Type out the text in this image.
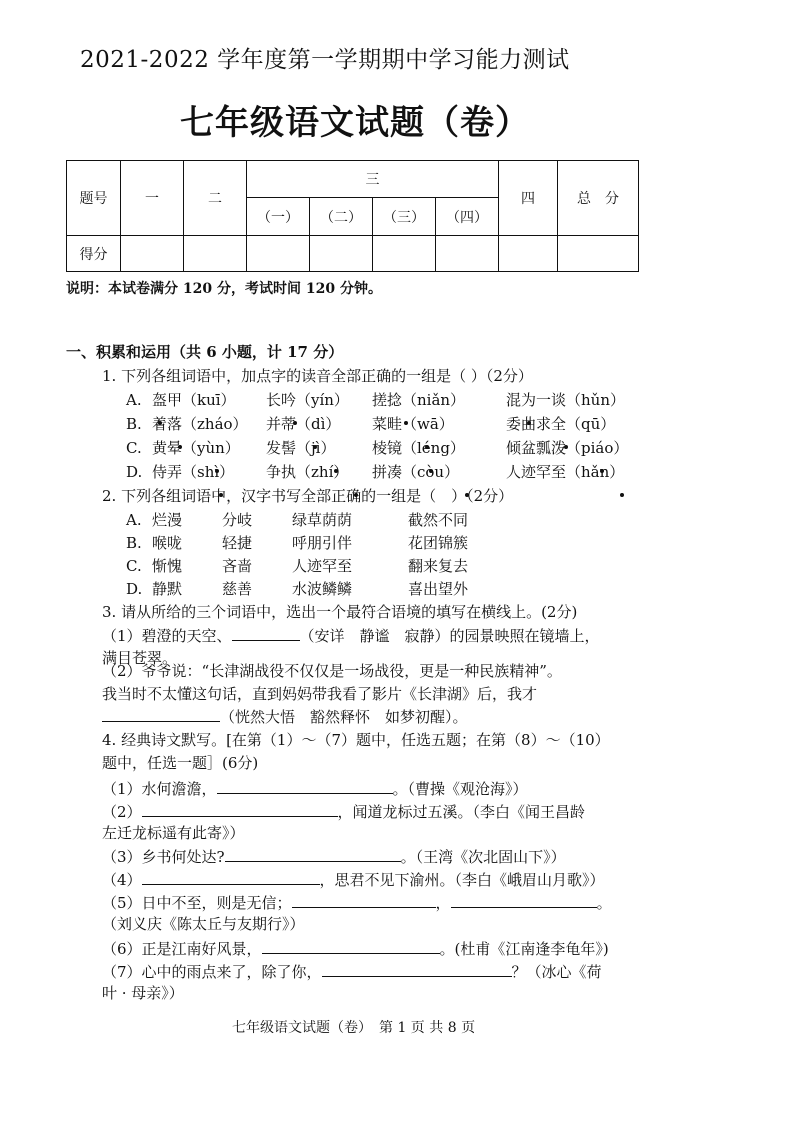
2021-2022 学年度第一学期期中学习能力测试
七年级语文试题（卷）
题号	一	二	三				四	总　分
			（一）	（二）	（三）	（四）		
得分								
说明：本试卷满分 120 分，考试时间 120 分钟。
一、积累和运用（共 6 小题，计 17 分）
1. 下列各组词语中，加点字的读音全部正确的一组是（ ）（2分）
A. 盔甲（kuī） 长吟（yín） 搓捻（niǎn）	混为一谈（hǔn）
B. 着落（zháo） 并蒂（dì） 菜畦（wā）	委曲求全（qū）
C. 黄晕（yùn） 发髻（jì） 棱镜（léng）	倾盆瓢泼（piáo）
D. 侍弄（shì） 争执（zhí） 拼凑（còu）	人迹罕至（hǎn）

2. 下列各组词语中，汉字书写全部正确的一组是（　）（2分）
A. 烂漫	分岐	绿草荫荫	截然不同
B. 喉咙	轻捷	呼朋引伴	花团锦簇
C. 惭愧	吝啬	人迹罕至	翻来复去
D. 静默	慈善	水波鳞鳞	喜出望外
3. 请从所给的三个词语中，选出一个最符合语境的填写在横线上。(2分)
（1）碧澄的天空、	（安详　静谧　寂静）的园景映照在镜墙上，
满目苍翠。
（2）爷爷说：“长津湖战役不仅仅是一场战役，更是一种民族精神”。
我当时不太懂这句话，直到妈妈带我看了影片《长津湖》后，我才
（恍然大悟　豁然释怀　如梦初醒）。
4. 经典诗文默写。[在第（1）～（7）题中，任选五题；在第（8）～（10）
题中，任选一题］(6分)
（1）水何澹澹，	。（曹操《观沧海》）
（2）	，闻道龙标过五溪。（李白《闻王昌龄
左迁龙标遥有此寄》）
（3）乡书何处达?	。（王湾《次北固山下》）
（4）	，思君不见下渝州。（李白《峨眉山月歌》）
（5）日中不至，则是无信；	，	。
（刘义庆《陈太丘与友期行》）
（6）正是江南好风景，	。(杜甫《江南逢李龟年》)
（7）心中的雨点来了，除了你，	？（冰心《荷
叶 · 母亲》）
七年级语文试题（卷）　第 1 页 共 8 页
